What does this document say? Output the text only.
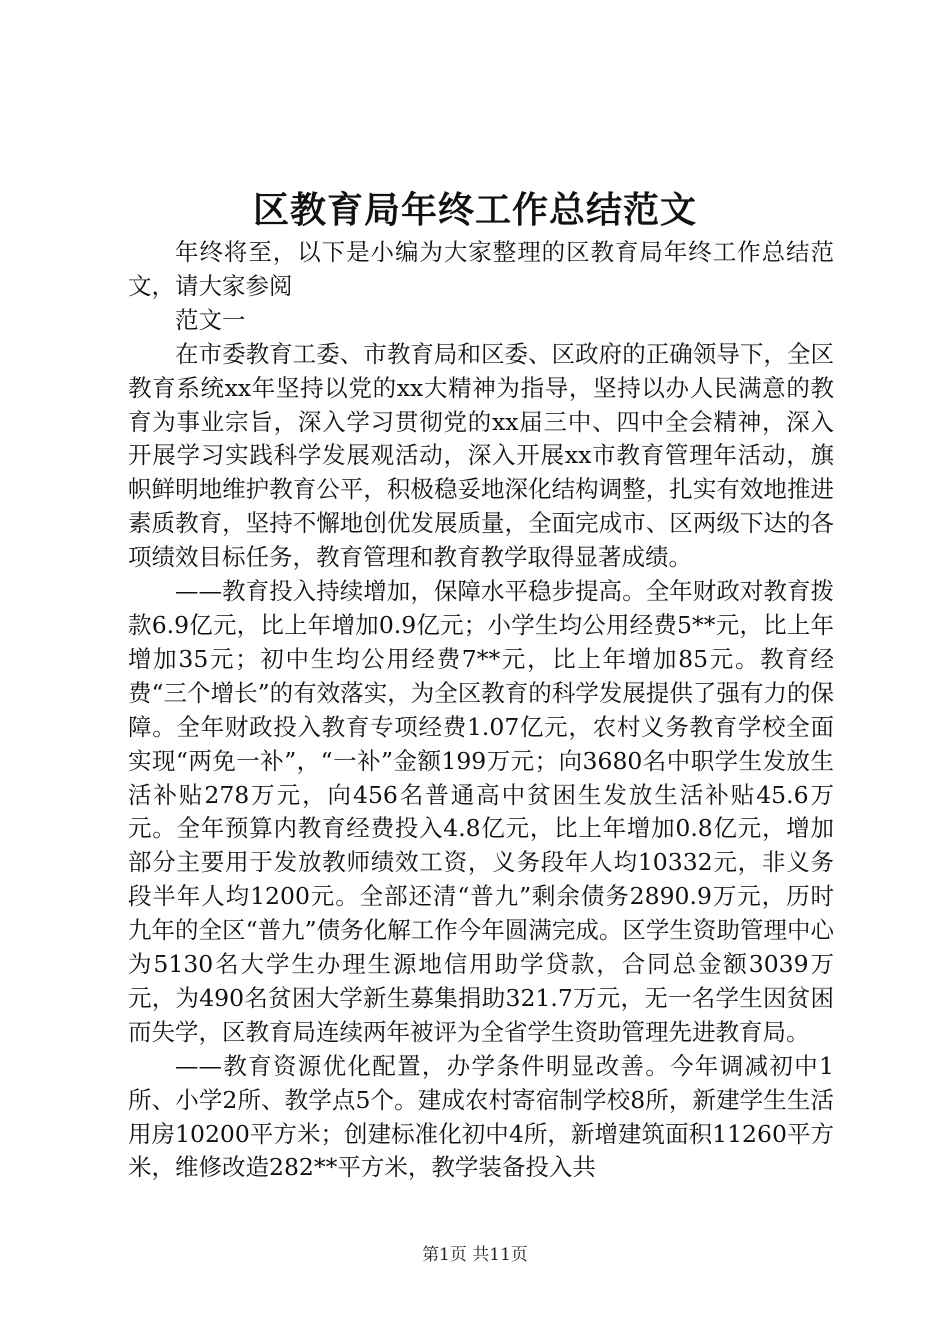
区教育局年终工作总结范文

年终将至，以下是小编为大家整理的区教育局年终工作总结范文，请大家参阅

范文一

在市委教育工委、市教育局和区委、区政府的正确领导下，全区教育系统xx年坚持以党的xx大精神为指导，坚持以办人民满意的教育为事业宗旨，深入学习贯彻党的xx届三中、四中全会精神，深入开展学习实践科学发展观活动，深入开展xx市教育管理年活动，旗帜鲜明地维护教育公平，积极稳妥地深化结构调整，扎实有效地推进素质教育，坚持不懈地创优发展质量，全面完成市、区两级下达的各项绩效目标任务，教育管理和教育教学取得显著成绩。

——教育投入持续增加，保障水平稳步提高。全年财政对教育拨款6.9亿元，比上年增加0.9亿元；小学生均公用经费5**元，比上年增加35元；初中生均公用经费7**元，比上年增加85元。教育经费“三个增长”的有效落实，为全区教育的科学发展提供了强有力的保障。全年财政投入教育专项经费1.07亿元，农村义务教育学校全面实现“两免一补”，“一补”金额199万元；向3680名中职学生发放生活补贴278万元，向456名普通高中贫困生发放生活补贴45.6万元。全年预算内教育经费投入4.8亿元，比上年增加0.8亿元，增加部分主要用于发放教师绩效工资，义务段年人均10332元，非义务段半年人均1200元。全部还清“普九”剩余债务2890.9万元，历时九年的全区“普九”债务化解工作今年圆满完成。区学生资助管理中心为5130名大学生办理生源地信用助学贷款，合同总金额3039万元，为490名贫困大学新生募集捐助321.7万元，无一名学生因贫困而失学，区教育局连续两年被评为全省学生资助管理先进教育局。

——教育资源优化配置，办学条件明显改善。今年调减初中1所、小学2所、教学点5个。建成农村寄宿制学校8所，新建学生生活用房10200平方米；创建标准化初中4所，新增建筑面积11260平方米，维修改造282**平方米，教学装备投入共

第1页 共11页
